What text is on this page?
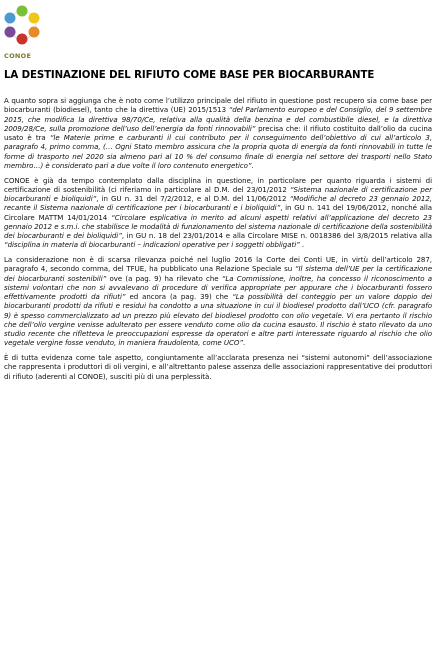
CONOE
LA DESTINAZIONE DEL RIFIUTO COME BASE PER BIOCARBURANTE

A quanto sopra si aggiunga che è noto come l’utilizzo principale del rifiuto in questione post recupero sia come base per biocarburanti (biodiesel), tanto che la direttiva (UE) 2015/1513 “del Parlamento europeo e del Consiglio, del 9 settembre 2015, che modifica la direttiva 98/70/Ce, relativa alla qualità della benzina e del combustibile diesel, e la direttiva 2009/28/Ce, sulla promozione dell’uso dell’energia da fonti rinnovabili” precisa che: il rifiuto costituito dall’olio da cucina usato è tra “le Materie prime e carburanti il cui contributo per il conseguimento dell’obiettivo di cui all’articolo 3, paragrafo 4, primo comma, (… Ogni Stato membro assicura che la propria quota di energia da fonti rinnovabili in tutte le forme di trasporto nel 2020 sia almeno pari al 10 % del consumo finale di energia nel settore dei trasporti nello Stato membro…) è considerato pari a due volte il loro contenuto energetico”.

CONOE è già da tempo contemplato dalla disciplina in questione, in particolare per quanto riguarda i sistemi di certificazione di sostenibilità (ci riferiamo in particolare al D.M. del 23/01/2012 “Sistema nazionale di certificazione per biocarburanti e bioliquidi”, in GU n. 31 del 7/2/2012, e al D.M. del 11/06/2012 “Modifiche al decreto 23 gennaio 2012, recante il Sistema nazionale di certificazione per i biocarburanti e i bioliquidi”, in GU n. 141 del 19/06/2012, nonché alla Circolare MATTM 14/01/2014 “Circolare esplicativa in merito ad alcuni aspetti relativi all’applicazione del decreto 23 gennaio 2012 e s.m.i. che stabilisce le modalità di funzionamento del sistema nazionale di certificazione della sostenibilità dei biocarburanti e dei bioliquidi”, in GU n. 18 del 23/01/2014 e alla Circolare MISE n. 0018386 del 3/8/2015 relativa alla “disciplina in materia di biocarburanti – indicazioni operative per i soggetti obbligati” .

La considerazione non è di scarsa rilevanza poiché nel luglio 2016 la Corte dei Conti UE, in virtù dell’articolo 287, paragrafo 4, secondo comma, del TFUE, ha pubblicato una Relazione Speciale su “Il sistema dell’UE per la certificazione dei biocarburanti sostenibili” ove (a pag. 9) ha rilevato che “La Commissione, inoltre, ha concesso il riconoscimento a sistemi volontari che non si avvalevano di procedure di verifica appropriate per appurare che i biocarburanti fossero effettivamente prodotti da rifiuti” ed ancora (a pag. 39) che “La possibilità del conteggio per un valore doppio dei biocarburanti prodotti da rifiuti e residui ha condotto a una situazione in cui il biodiesel prodotto dall’UCO (cfr. paragrafo 9) è spesso commercializzato ad un prezzo più elevato del biodiesel prodotto con olio vegetale. Vi era pertanto il rischio che dell’olio vergine venisse adulterato per essere venduto come olio da cucina esausto. Il rischio è stato rilevato da uno studio recente che rifletteva le preoccupazioni espresse da operatori e altre parti interessate riguardo al rischio che olio vegetale vergine fosse venduto, in maniera fraudolenta, come UCO”.

È di tutta evidenza come tale aspetto, congiuntamente all’acclarata presenza nei “sistemi autonomi” dell’associazione che rappresenta i produttori di oli vergini, e all’altrettanto palese assenza delle associazioni rappresentative dei produttori di rifiuto (aderenti al CONOE), susciti più di una perplessità.
